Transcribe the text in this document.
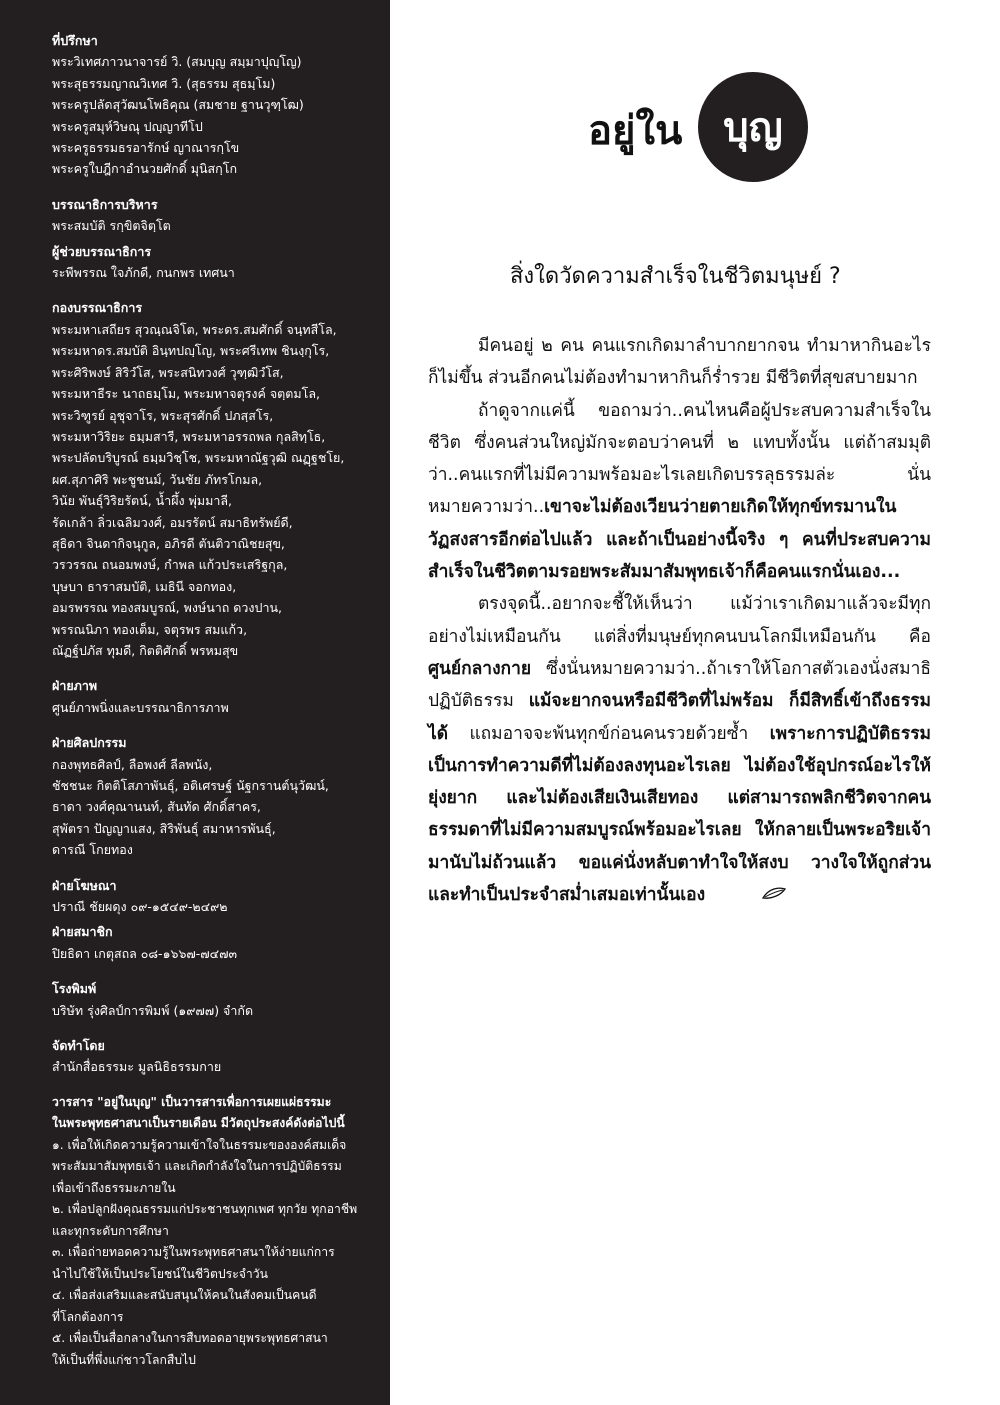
ที่ปรึกษา
พระวิเทศภาวนาจารย์ วิ. (สมบุญ สมฺมาปุญฺโญ)
พระสุธรรมญาณวิเทศ วิ. (สุธรรม สุธมฺโม)
พระครูปลัดสุวัฒนโพธิคุณ (สมชาย ฐานวุฑฺโฒ)
พระครูสมุห์วิษณุ ปญฺญาทีโป
พระครูธรรมธรอารักษ์ ญาณารกฺโข
พระครูใบฎีกาอำนวยศักดิ์ มุนิสกฺโก
บรรณาธิการบริหาร
พระสมบัติ รกฺขิตจิตฺโต
ผู้ช่วยบรรณาธิการ
ระพีพรรณ ใจภักดี, กนกพร เทศนา
กองบรรณาธิการ
พระมหาเสถียร สุวณฺณจิโต, พระดร.สมศักดิ์ จนฺทสีโล,
พระมหาดร.สมบัติ อินฺทปญฺโญ, พระศรีเทพ ชินงฺกุโร,
พระศิริพงษ์ สิริวํโส, พระสนิทวงศ์ วุฑฺฒิวํโส,
พระมหาธีระ นาถธมฺโม, พระมหาจตุรงค์ จตฺตมโล,
พระวิฑูรย์ อุชุจาโร, พระสุรศักดิ์ ปภสฺสโร,
พระมหาวิริยะ ธมฺมสารี, พระมหาอรรถพล กุลสิทฺโธ,
พระปลัดบริบูรณ์ ธมฺมวิชฺโช, พระมหาณัฐวุฒิ ณฏฺฐชโย,
ผศ.สุภาศิริ พะชูชนม์, วันชัย ภัทรโกมล,
วินัย พันธุ์วิริยรัตน์, น้ำผึ้ง พุ่มมาลี,
รัดเกล้า ลิ่วเฉลิมวงศ์, อมรรัตน์ สมาธิทรัพย์ดี,
สุธิดา จินดากิจนุกูล, อภิรดี ตันติวาณิชยสุข,
วรวรรณ ถนอมพงษ์, กำพล แก้วประเสริฐกุล,
บุษบา ธาราสมบัติ, เมธินี จอกทอง,
อมรพรรณ ทองสมบูรณ์, พงษ์นาถ ดวงปาน,
พรรณนิภา ทองเต็ม, จตุรพร สมแก้ว,
ณัฏฐ์ปภัส ทุมดี, กิตติศักดิ์ พรหมสุข
ฝ่ายภาพ
ศูนย์ภาพนิ่งและบรรณาธิการภาพ
ฝ่ายศิลปกรรม
กองพุทธศิลป์, ลือพงศ์ ลีลพนัง,
ชัชชนะ กิตติโสภาพันธุ์, อติเศรษฐ์ นัฐกรานต์นุวัฒน์,
ธาดา วงศ์คุณานนท์, สันทัด ศักดิ์สาคร,
สุพัตรา ปัญญาแสง, สิริพันธุ์ สมาหารพันธุ์,
ดารณี โกยทอง
ฝ่ายโฆษณา
ปราณี ชัยผดุง ๐๙-๑๕๔๙-๒๔๙๒
ฝ่ายสมาชิก
ปิยธิดา เกตุสถล ๐๘-๑๖๖๗-๗๔๗๓
โรงพิมพ์
บริษัท รุ่งศิลป์การพิมพ์ (๑๙๗๗) จำกัด
จัดทำโดย
สำนักสื่อธรรมะ มูลนิธิธรรมกาย
วารสาร "อยู่ในบุญ" เป็นวารสารเพื่อการเผยแผ่ธรรมะ
ในพระพุทธศาสนาเป็นรายเดือน มีวัตถุประสงค์ดังต่อไปนี้
๑. เพื่อให้เกิดความรู้ความเข้าใจในธรรมะขององค์สมเด็จ
พระสัมมาสัมพุทธเจ้า และเกิดกำลังใจในการปฏิบัติธรรม
เพื่อเข้าถึงธรรมะภายใน
๒. เพื่อปลูกฝังคุณธรรมแก่ประชาชนทุกเพศ ทุกวัย ทุกอาชีพ
และทุกระดับการศึกษา
๓. เพื่อถ่ายทอดความรู้ในพระพุทธศาสนาให้ง่ายแก่การ
นำไปใช้ให้เป็นประโยชน์ในชีวิตประจำวัน
๔. เพื่อส่งเสริมและสนับสนุนให้คนในสังคมเป็นคนดี
ที่โลกต้องการ
๕. เพื่อเป็นสื่อกลางในการสืบทอดอายุพระพุทธศาสนา
ให้เป็นที่พึ่งแก่ชาวโลกสืบไป
อยู่ใน บุญ
สิ่งใดวัดความสำเร็จในชีวิตมนุษย์ ?

มีคนอยู่ ๒ คน คนแรกเกิดมาลำบากยากจน ทำมาหากินอะไรก็ไม่ขึ้น ส่วนอีกคนไม่ต้องทำมาหากินก็ร่ำรวย มีชีวิตที่สุขสบายมาก

ถ้าดูจากแค่นี้ ขอถามว่า..คนไหนคือผู้ประสบความสำเร็จในชีวิต ซึ่งคนส่วนใหญ่มักจะตอบว่าคนที่ ๒ แทบทั้งนั้น แต่ถ้าสมมุติว่า..คนแรกที่ไม่มีความพร้อมอะไรเลยเกิดบรรลุธรรมล่ะ นั่นหมายความว่า..เขาจะไม่ต้องเวียนว่ายตายเกิดให้ทุกข์ทรมานในวัฏสงสารอีกต่อไปแล้ว และถ้าเป็นอย่างนี้จริง ๆ คนที่ประสบความสำเร็จในชีวิตตามรอยพระสัมมาสัมพุทธเจ้าก็คือคนแรกนั่นเอง...

ตรงจุดนี้..อยากจะชี้ให้เห็นว่า แม้ว่าเราเกิดมาแล้วจะมีทุกอย่างไม่เหมือนกัน แต่สิ่งที่มนุษย์ทุกคนบนโลกมีเหมือนกัน คือ ศูนย์กลางกาย ซึ่งนั่นหมายความว่า..ถ้าเราให้โอกาสตัวเองนั่งสมาธิปฏิบัติธรรม แม้จะยากจนหรือมีชีวิตที่ไม่พร้อม ก็มีสิทธิ์เข้าถึงธรรมได้ แถมอาจจะพ้นทุกข์ก่อนคนรวยด้วยซ้ำ เพราะการปฏิบัติธรรมเป็นการทำความดีที่ไม่ต้องลงทุนอะไรเลย ไม่ต้องใช้อุปกรณ์อะไรให้ยุ่งยาก และไม่ต้องเสียเงินเสียทอง แต่สามารถพลิกชีวิตจากคนธรรมดาที่ไม่มีความสมบูรณ์พร้อมอะไรเลย ให้กลายเป็นพระอริยเจ้ามานับไม่ถ้วนแล้ว ขอแค่นั่งหลับตาทำใจให้สงบ วางใจให้ถูกส่วน และทำเป็นประจำสม่ำเสมอเท่านั้นเอง
